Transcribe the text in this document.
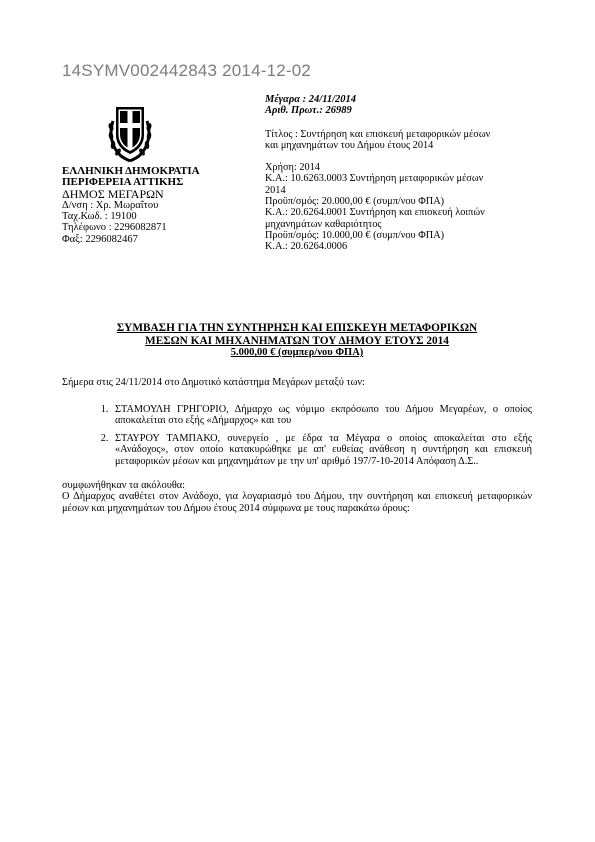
14SYMV002442843 2014-12-02
ΕΛΛΗΝΙΚΗ ΔΗΜΟΚΡΑΤΙΑ
ΠΕΡΙΦΕΡΕΙΑ ΑΤΤΙΚΗΣ
ΔΗΜΟΣ ΜΕΓΑΡΩΝ
Δ/νση : Χρ. Μωραΐτου
Ταχ.Κωδ. : 19100
Τηλέφωνο : 2296082871
Φαξ: 2296082467
Μέγαρα : 24/11/2014
Αριθ. Πρωτ.: 26989

Τίτλος : Συντήρηση και επισκευή μεταφορικών μέσων και μηχανημάτων του Δήμου έτους 2014

Χρήση: 2014

Κ.Α.: 10.6263.0003 Συντήρηση μεταφορικών μέσων 2014

Προϋπ/σμός: 20.000,00 € (συμπ/νου ΦΠΑ)

Κ.Α.: 20.6264.0001 Συντήρηση και επισκευή λοιπών μηχανημάτων καθαριότητος

Προϋπ/σμός: 10.000,00 € (συμπ/νου ΦΠΑ)

Κ.Α.: 20.6264.0006

ΣΥΜΒΑΣΗ ΓΙΑ ΤΗΝ ΣΥΝΤΗΡΗΣΗ ΚΑΙ ΕΠΙΣΚΕΥΗ ΜΕΤΑΦΟΡΙΚΩΝ
ΜΕΣΩΝ ΚΑΙ ΜΗΧΑΝΗΜΑΤΩΝ ΤΟΥ ΔΗΜΟΥ ΕΤΟΥΣ 2014
5.000,00 € (συμπερ/νου ΦΠΑ)

Σήμερα στις 24/11/2014 στο Δημοτικό κατάστημα Μεγάρων μεταξύ των:

1. ΣΤΑΜΟΥΛΗ ΓΡΗΓΟΡΙΟ, Δήμαρχο ως νόμιμο εκπρόσωπο του Δήμου Μεγαρέων, ο οποίος αποκαλείται στο εξής «Δήμαρχος» και του
2. ΣΤΑΥΡΟΥ ΤΑΜΠΑΚΟ, συνεργείο , με έδρα τα Μέγαρα ο οποίος αποκαλείται στο εξής «Ανάδοχος», στον οποίο κατακυρώθηκε με απ' ευθείας ανάθεση η συντήρηση και επισκευή μεταφορικών μέσων και μηχανημάτων με την υπ' αριθμό 197/7-10-2014 Απόφαση Δ.Σ..

συμφωνήθηκαν τα ακόλουθα:

Ο Δήμαρχος αναθέτει στον Ανάδοχο, για λογαριασμό του Δήμου, την συντήρηση και επισκευή μεταφορικών μέσων και μηχανημάτων του Δήμου έτους 2014 σύμφωνα με τους παρακάτω όρους:
